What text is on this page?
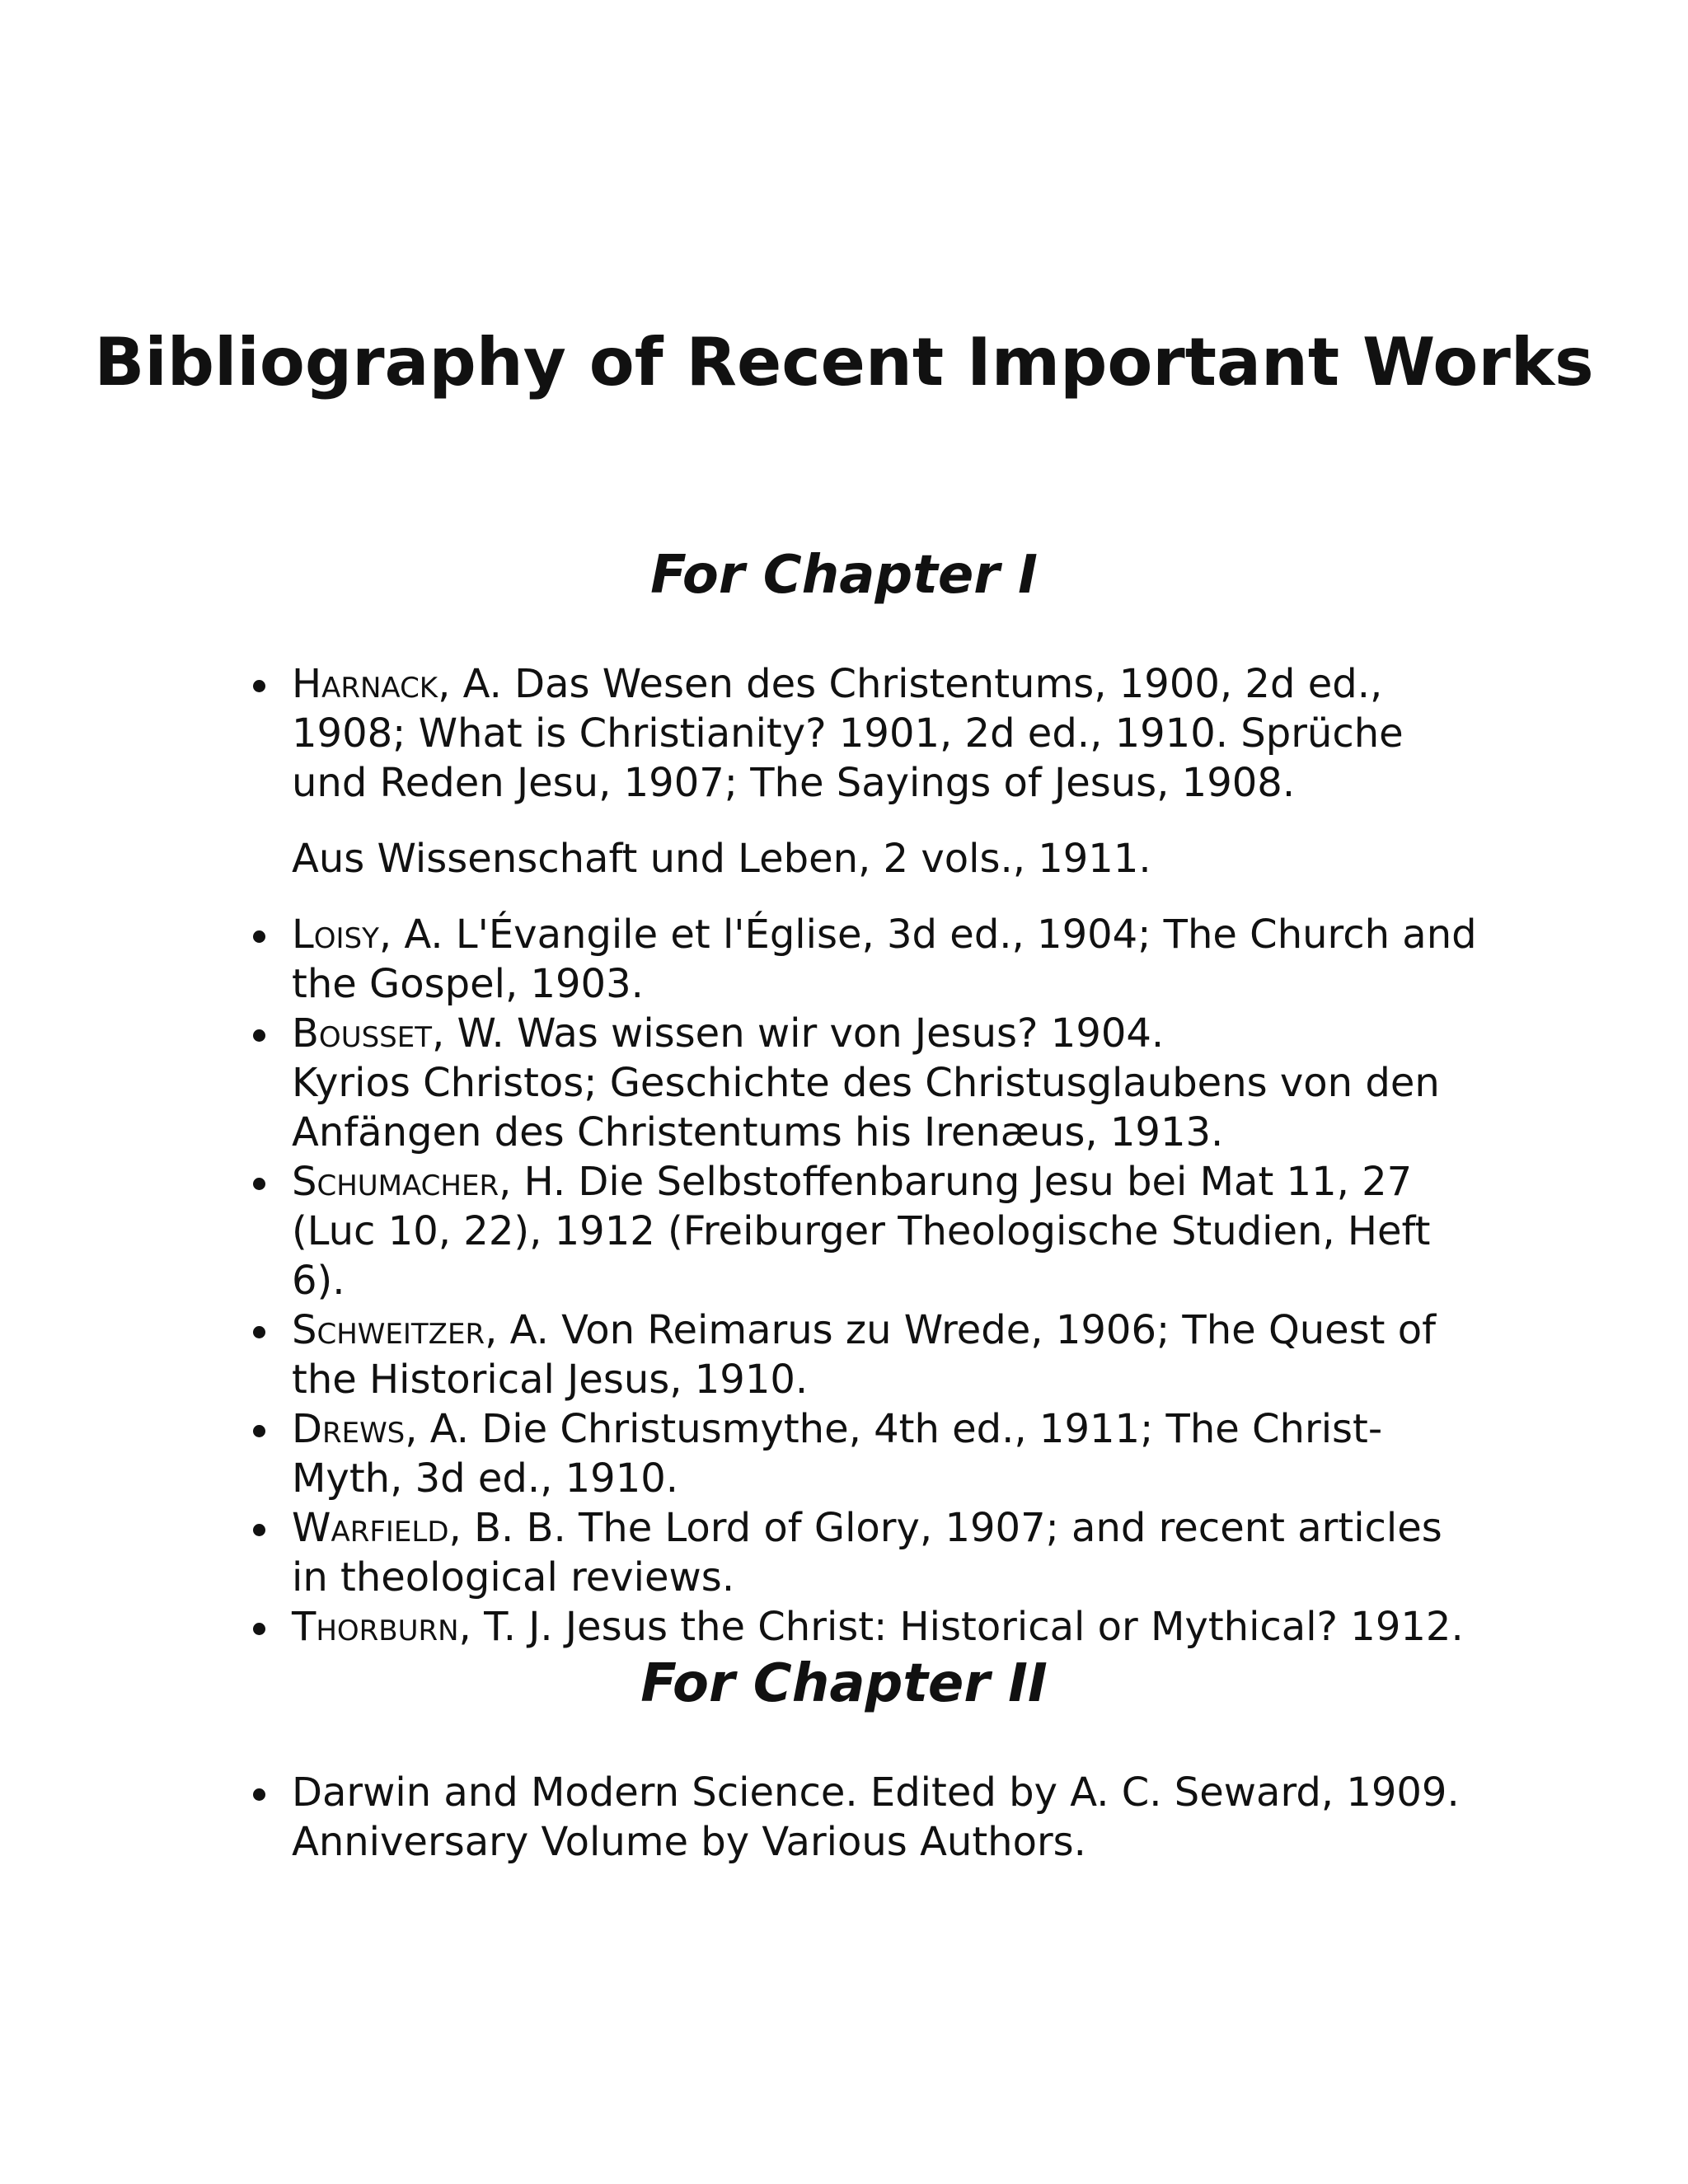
Bibliography of Recent Important Works
For Chapter I
Harnack, A. Das Wesen des Christentums, 1900, 2d ed., 1908; What is Christianity? 1901, 2d ed., 1910. Sprüche und Reden Jesu, 1907; The Sayings of Jesus, 1908.
Aus Wissenschaft und Leben, 2 vols., 1911.
Loisy, A. L'Évangile et l'Église, 3d ed., 1904; The Church and the Gospel, 1903.
Bousset, W. Was wissen wir von Jesus? 1904.
Kyrios Christos; Geschichte des Christusglaubens von den Anfängen des Christentums his Irenæus, 1913.
Schumacher, H. Die Selbstoffenbarung Jesu bei Mat 11, 27 (Luc 10, 22), 1912 (Freiburger Theologische Studien, Heft 6).
Schweitzer, A. Von Reimarus zu Wrede, 1906; The Quest of the Historical Jesus, 1910.
Drews, A. Die Christusmythe, 4th ed., 1911; The Christ-Myth, 3d ed., 1910.
Warfield, B. B. The Lord of Glory, 1907; and recent articles in theological reviews.
Thorburn, T. J. Jesus the Christ: Historical or Mythical? 1912.
For Chapter II
Darwin and Modern Science. Edited by A. C. Seward, 1909. Anniversary Volume by Various Authors.
